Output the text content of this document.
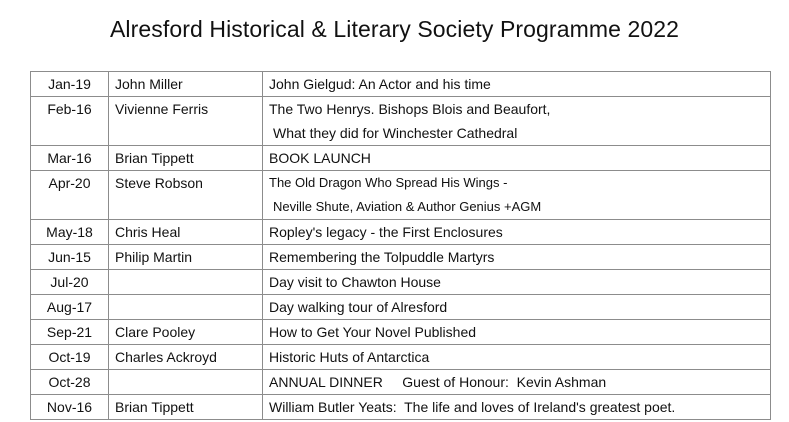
Alresford Historical & Literary Society Programme 2022
Jan-19	John Miller	John Gielgud: An Actor and his time

Feb-16	Vivienne Ferris	The Two Henrys. Bishops Blois and Beaufort,
What they did for Winchester Cathedral

Mar-16	Brian Tippett	BOOK LAUNCH

Apr-20	Steve Robson	The Old Dragon Who Spread His Wings -
Neville Shute, Aviation & Author Genius +AGM

May-18	Chris Heal	Ropley's legacy - the First Enclosures

Jun-15	Philip Martin	Remembering the Tolpuddle Martyrs

Jul-20		Day visit to Chawton House

Aug-17		Day walking tour of Alresford

Sep-21	Clare Pooley	How to Get Your Novel Published

Oct-19	Charles Ackroyd	Historic Huts of Antarctica

Oct-28		ANNUAL DINNER     Guest of Honour:  Kevin Ashman

Nov-16	Brian Tippett	William Butler Yeats:  The life and loves of Ireland's greatest poet.
